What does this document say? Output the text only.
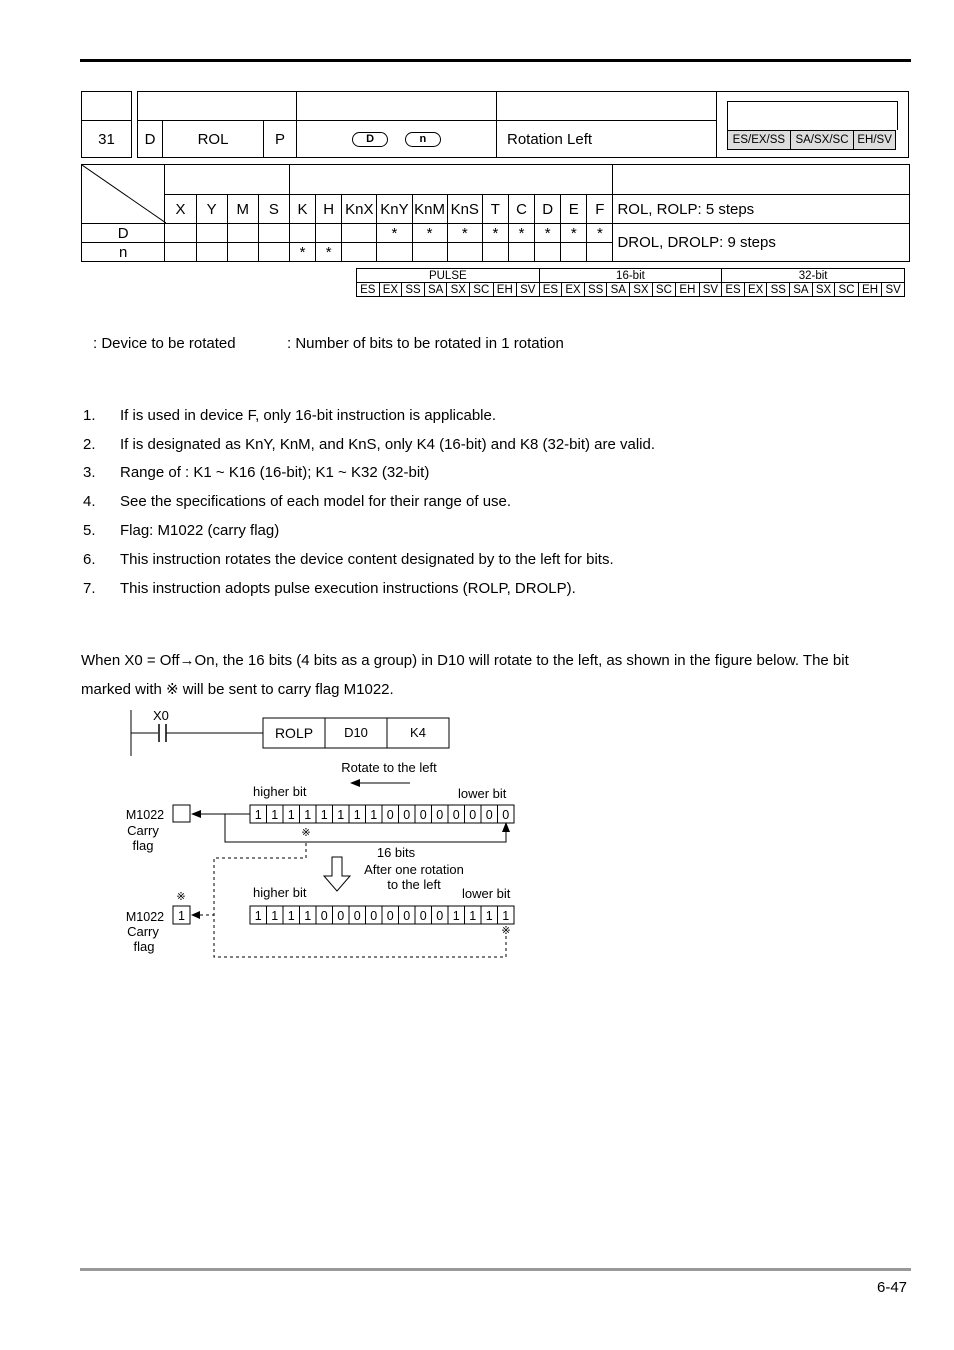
ES/EX/SS	SA/SX/SC	EH/SV

31		D	ROL	P	D	n	Rotation Left

	X	Y	M	S	K	H	KnX	KnY	KnM	KnS	T	C	D	E	F	ROL, ROLP: 5 steps
D								*	*	*	*	*	*	*	*	DROL, DROLP: 9 steps
n					*	*										
PULSE								16-bit								32-bit							
ES	EX	SS	SA	SX	SC	EH	SV	ES	EX	SS	SA	SX	SC	EH	SV	ES	EX	SS	SA	SX	SC	EH	SV
: Device to be rotated	: Number of bits to be rotated in 1 rotation
1. If is used in device F, only 16-bit instruction is applicable.
2. If is designated as KnY, KnM, and KnS, only K4 (16-bit) and K8 (32-bit) are valid.
3. Range of : K1 ~ K16 (16-bit); K1 ~ K32 (32-bit)
4. See the specifications of each model for their range of use.
5. Flag: M1022 (carry flag)
6. This instruction rotates the device content designated by to the left for bits.
7. This instruction adopts pulse execution instructions (ROLP, DROLP).
When X0 = Off→On, the 16 bits (4 bits as a group) in D10 will rotate to the left, as shown in the figure below. The bit
marked with ※ will be sent to carry flag M1022.
X0
ROLP D10	K4
Rotate to the left
higher bit	lower bit
M1022
Carry
flag
1 1 1 1 1 1 1 1 0 0 0 0 0 0 0 0
※
16 bits
After one rotation
to the left
higher bit	lower bit
※
1
M1022
Carry
flag
1 1 1 1 0 0 0 0 0 0 0 0 1 1 1 1
※
6-47
